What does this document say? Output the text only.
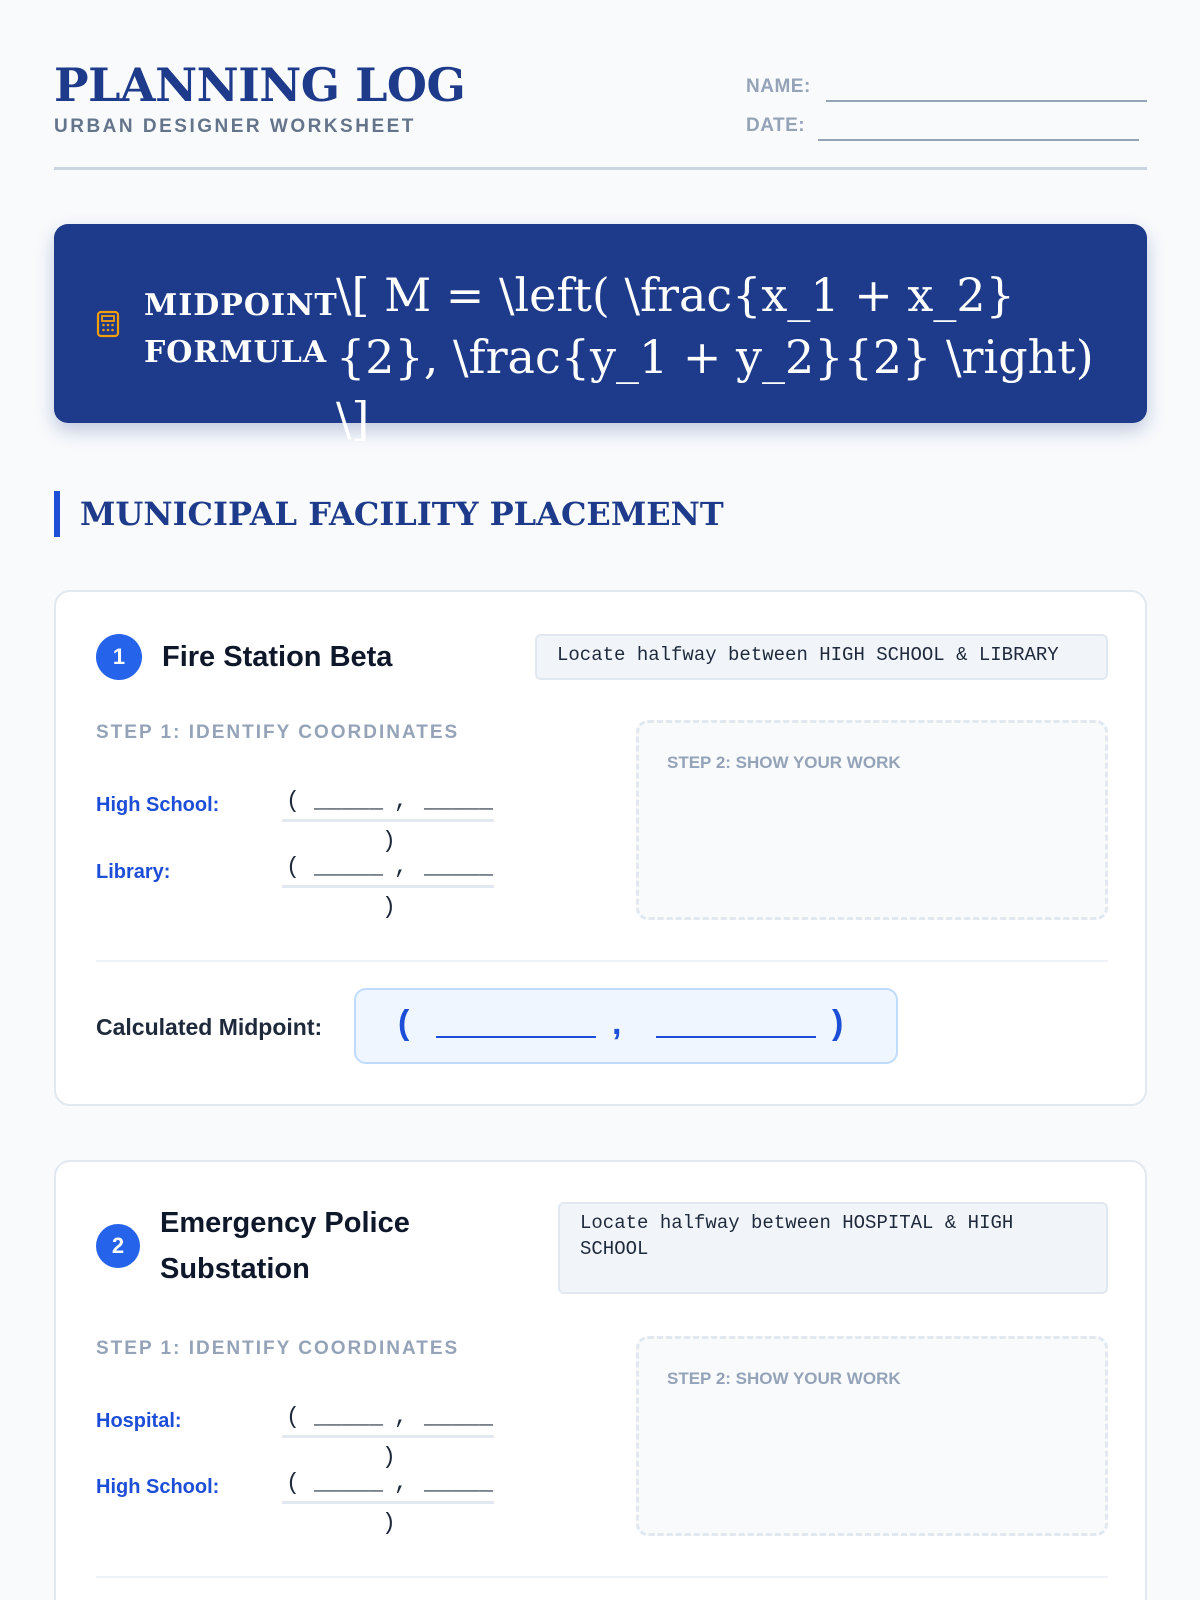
PLANNING LOG
URBAN DESIGNER WORKSHEET
NAME:
DATE:
MIDPOINT
FORMULA
\[ M = \left( \frac{x_1 + x_2}{2}, \frac{y_1 + y_2}{2} \right) \]
MUNICIPAL FACILITY PLACEMENT
1	Fire Station Beta	Locate halfway between HIGH SCHOOL & LIBRARY
STEP 1: IDENTIFY COORDINATES
High School:	( _____ , _____
)
Library:	( _____ , _____
)
STEP 2: SHOW YOUR WORK
Calculated Midpoint: (	,	)
2
Emergency Police Substation
Locate halfway between HOSPITAL & HIGH SCHOOL
STEP 1: IDENTIFY COORDINATES
Hospital:	( _____ , _____
)
High School:	( _____ , _____
)
STEP 2: SHOW YOUR WORK
